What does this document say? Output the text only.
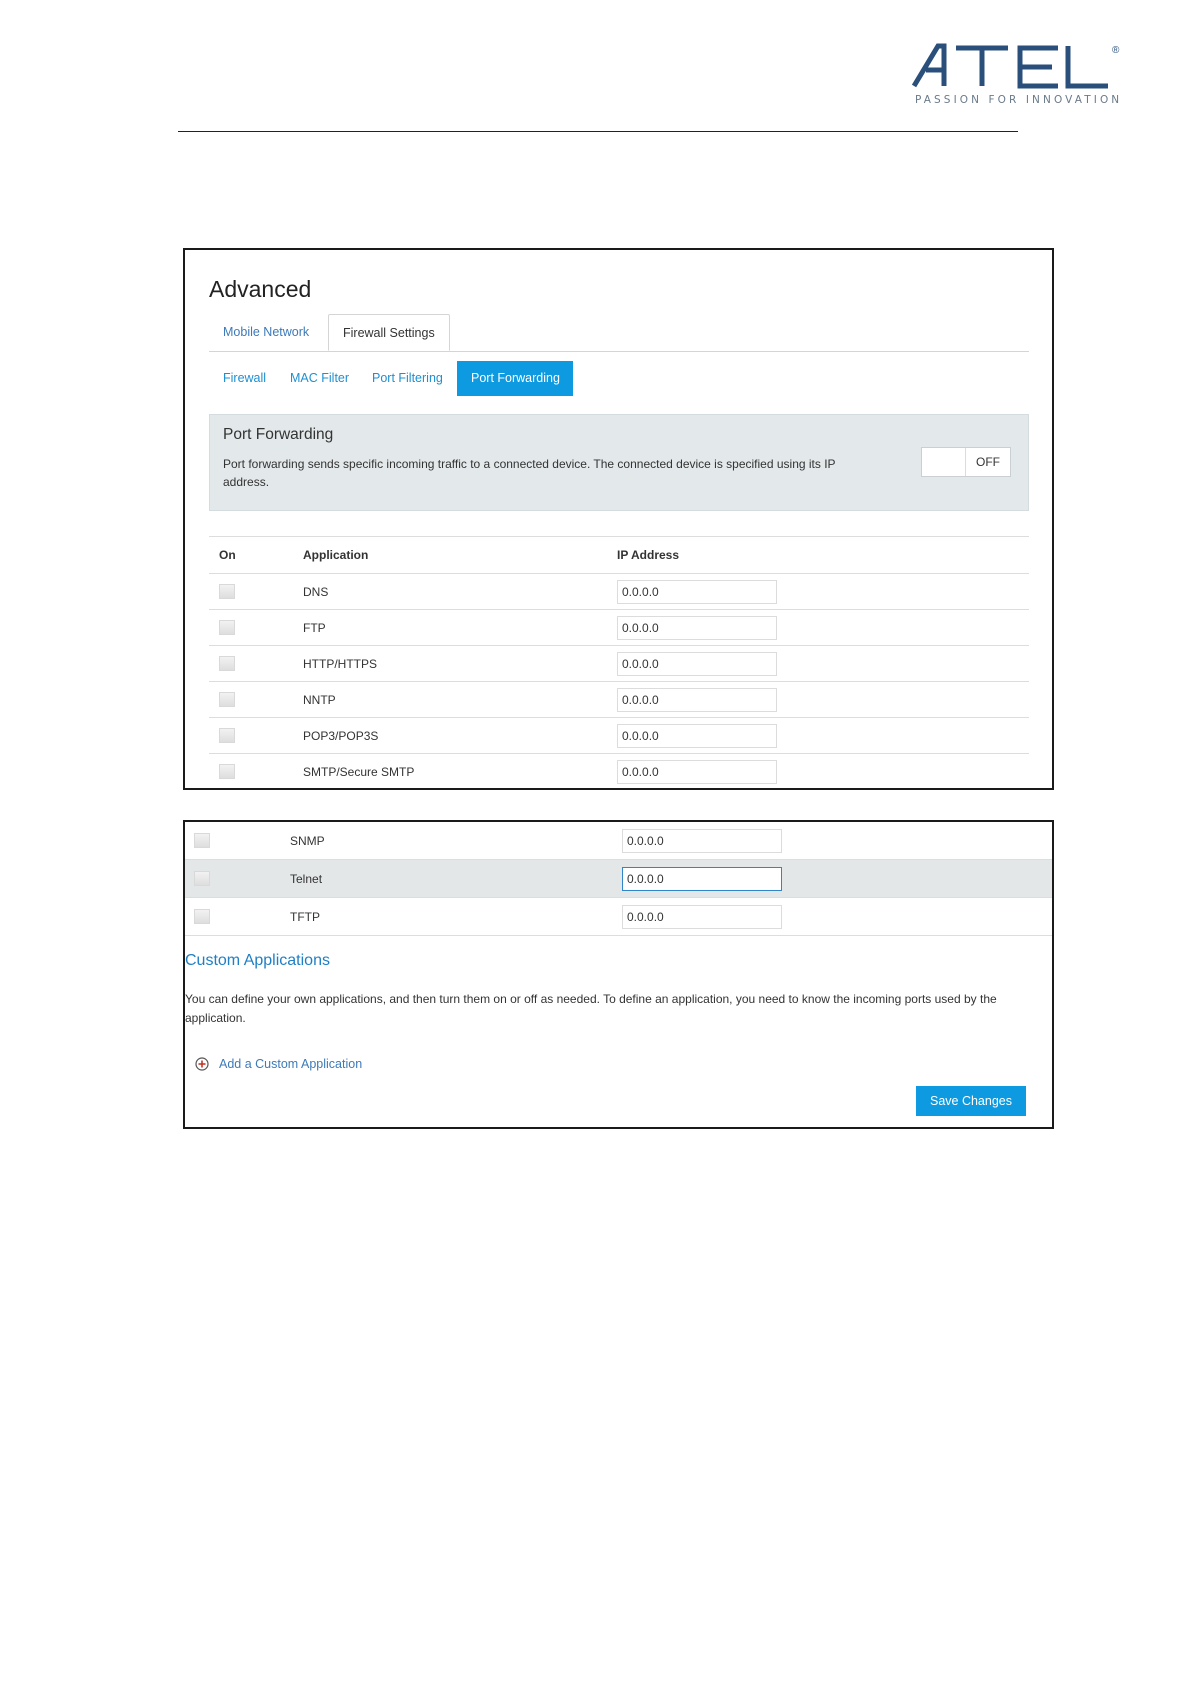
®
PASSION FOR INNOVATION
Advanced
Mobile Network	Firewall Settings
Firewall	MAC Filter	Port Filtering	Port Forwarding
Port Forwarding
Port forwarding sends specific incoming traffic to a connected device. The connected device is specified using its IP address.
OFF
On	Application	IP Address
	DNS	0.0.0.0
	FTP	0.0.0.0
	HTTP/HTTPS	0.0.0.0
	NNTP	0.0.0.0
	POP3/POP3S	0.0.0.0
	SMTP/Secure SMTP	0.0.0.0
	SNMP	0.0.0.0
	Telnet	0.0.0.0
	TFTP	0.0.0.0
Custom Applications
You can define your own applications, and then turn them on or off as needed. To define an application, you need to know the incoming ports used by the application.
Add a Custom Application
Save Changes
